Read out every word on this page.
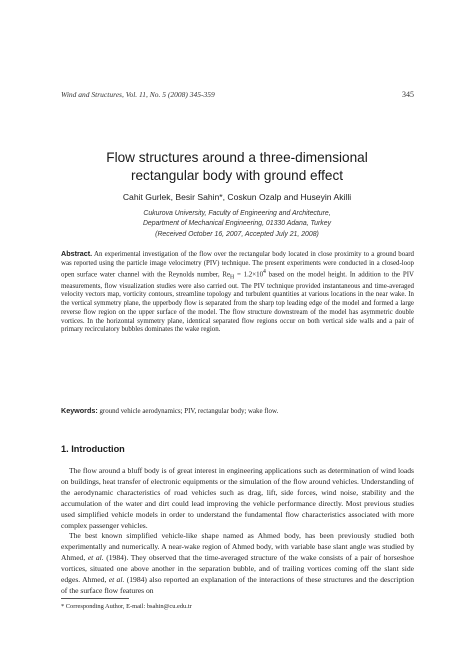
Wind and Structures, Vol. 11, No. 5 (2008) 345-359	345
Flow structures around a three-dimensional
rectangular body with ground effect
Cahit Gurlek, Besir Sahin*, Coskun Ozalp and Huseyin Akilli
Cukurova University, Faculty of Engineering and Architecture,
Department of Mechanical Engineering, 01330 Adana, Turkey
(Received October 16, 2007, Accepted July 21, 2008)
Abstract. An experimental investigation of the flow over the rectangular body located in close proximity to a ground board was reported using the particle image velocimetry (PIV) technique. The present experiments were conducted in a closed-loop open surface water channel with the Reynolds number, $Re_H = 1.2\times 10^4$ based on the model height. In addition to the PIV measurements, flow visualization studies were also carried out. The PIV technique provided instantaneous and time-averaged velocity vectors map, vorticity contours, streamline topology and turbulent quantities at various locations in the near wake. In the vertical symmetry plane, the upperbody flow is separated from the sharp top leading edge of the model and formed a large reverse flow region on the upper surface of the model. The flow structure downstream of the model has asymmetric double vortices. In the horizontal symmetry plane, identical separated flow regions occur on both vertical side walls and a pair of primary recirculatory bubbles dominates the wake region.
Keywords: ground vehicle aerodynamics; PIV, rectangular body; wake flow.
1. Introduction
The flow around a bluff body is of great interest in engineering applications such as determination of wind loads on buildings, heat transfer of electronic equipments or the simulation of the flow around vehicles. Understanding of the aerodynamic characteristics of road vehicles such as drag, lift, side forces, wind noise, stability and the accumulation of the water and dirt could lead improving the vehicle performance directly. Most previous studies used simplified vehicle models in order to understand the fundamental flow characteristics associated with more complex passenger vehicles.
The best known simplified vehicle-like shape named as Ahmed body, has been previously studied both experimentally and numerically. A near-wake region of Ahmed body, with variable base slant angle was studied by Ahmed, et al. (1984). They observed that the time-averaged structure of the wake consists of a pair of horseshoe vortices, situated one above another in the separation bubble, and of trailing vortices coming off the slant side edges. Ahmed, et al. (1984) also reported an explanation of the interactions of these structures and the description of the surface flow features on
* Corresponding Author, E-mail: bsahin@cu.edu.tr
